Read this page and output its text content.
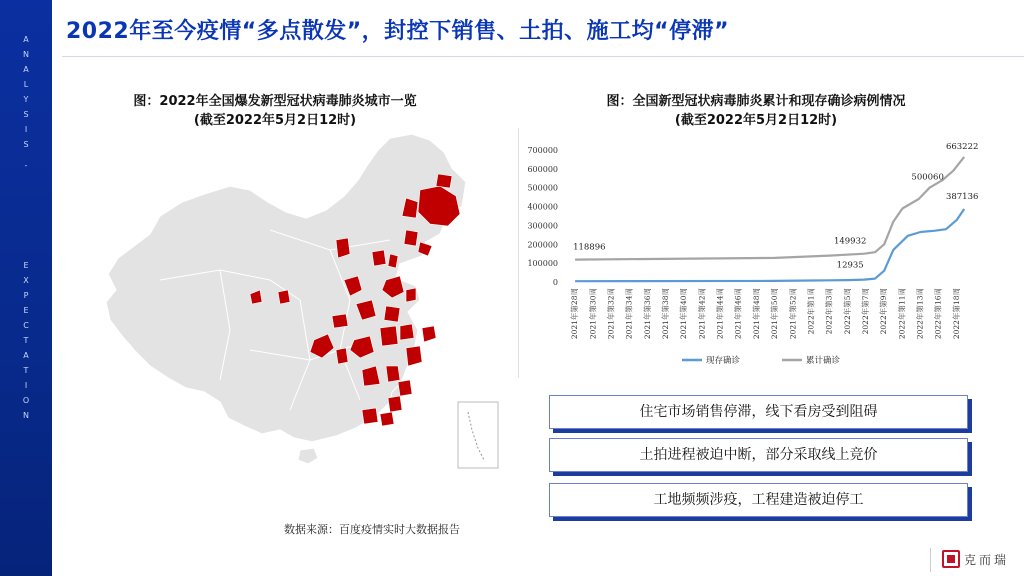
A
N
A
L
Y
S
I
S
-
E
X
P
E
C
T
A
T
I
O
N
2022年至今疫情“多点散发”，封控下销售、土拍、施工均“停滞”
图：2022年全国爆发新型冠状病毒肺炎城市一览
(截至2022年5月2日12时)
数据来源：百度疫情实时大数据报告
图：全国新型冠状病毒肺炎累计和现存确诊病例情况
(截至2022年5月2日12时)
0
100000
200000
300000
400000
500000
600000
700000
2021年第28周 2021年第30周 2021年第32周 2021年第34周 2021年第36周 2021年第38周 2021年第40周 2021年第42周 2021年第44周 2021年第46周 2021年第48周 2021年第50周 2021年第52周 2022年第1周 2022年第3周 2022年第5周 2022年第7周 2022年第9周 2022年第11周 2022年第13周 2022年第16周 2022年第18周
118896
149932
12935
500060
663222
387136
现存确诊	累计确诊
住宅市场销售停滞，线下看房受到阻碍
土拍进程被迫中断，部分采取线上竞价
工地频频涉疫，工程建造被迫停工
克而瑞
